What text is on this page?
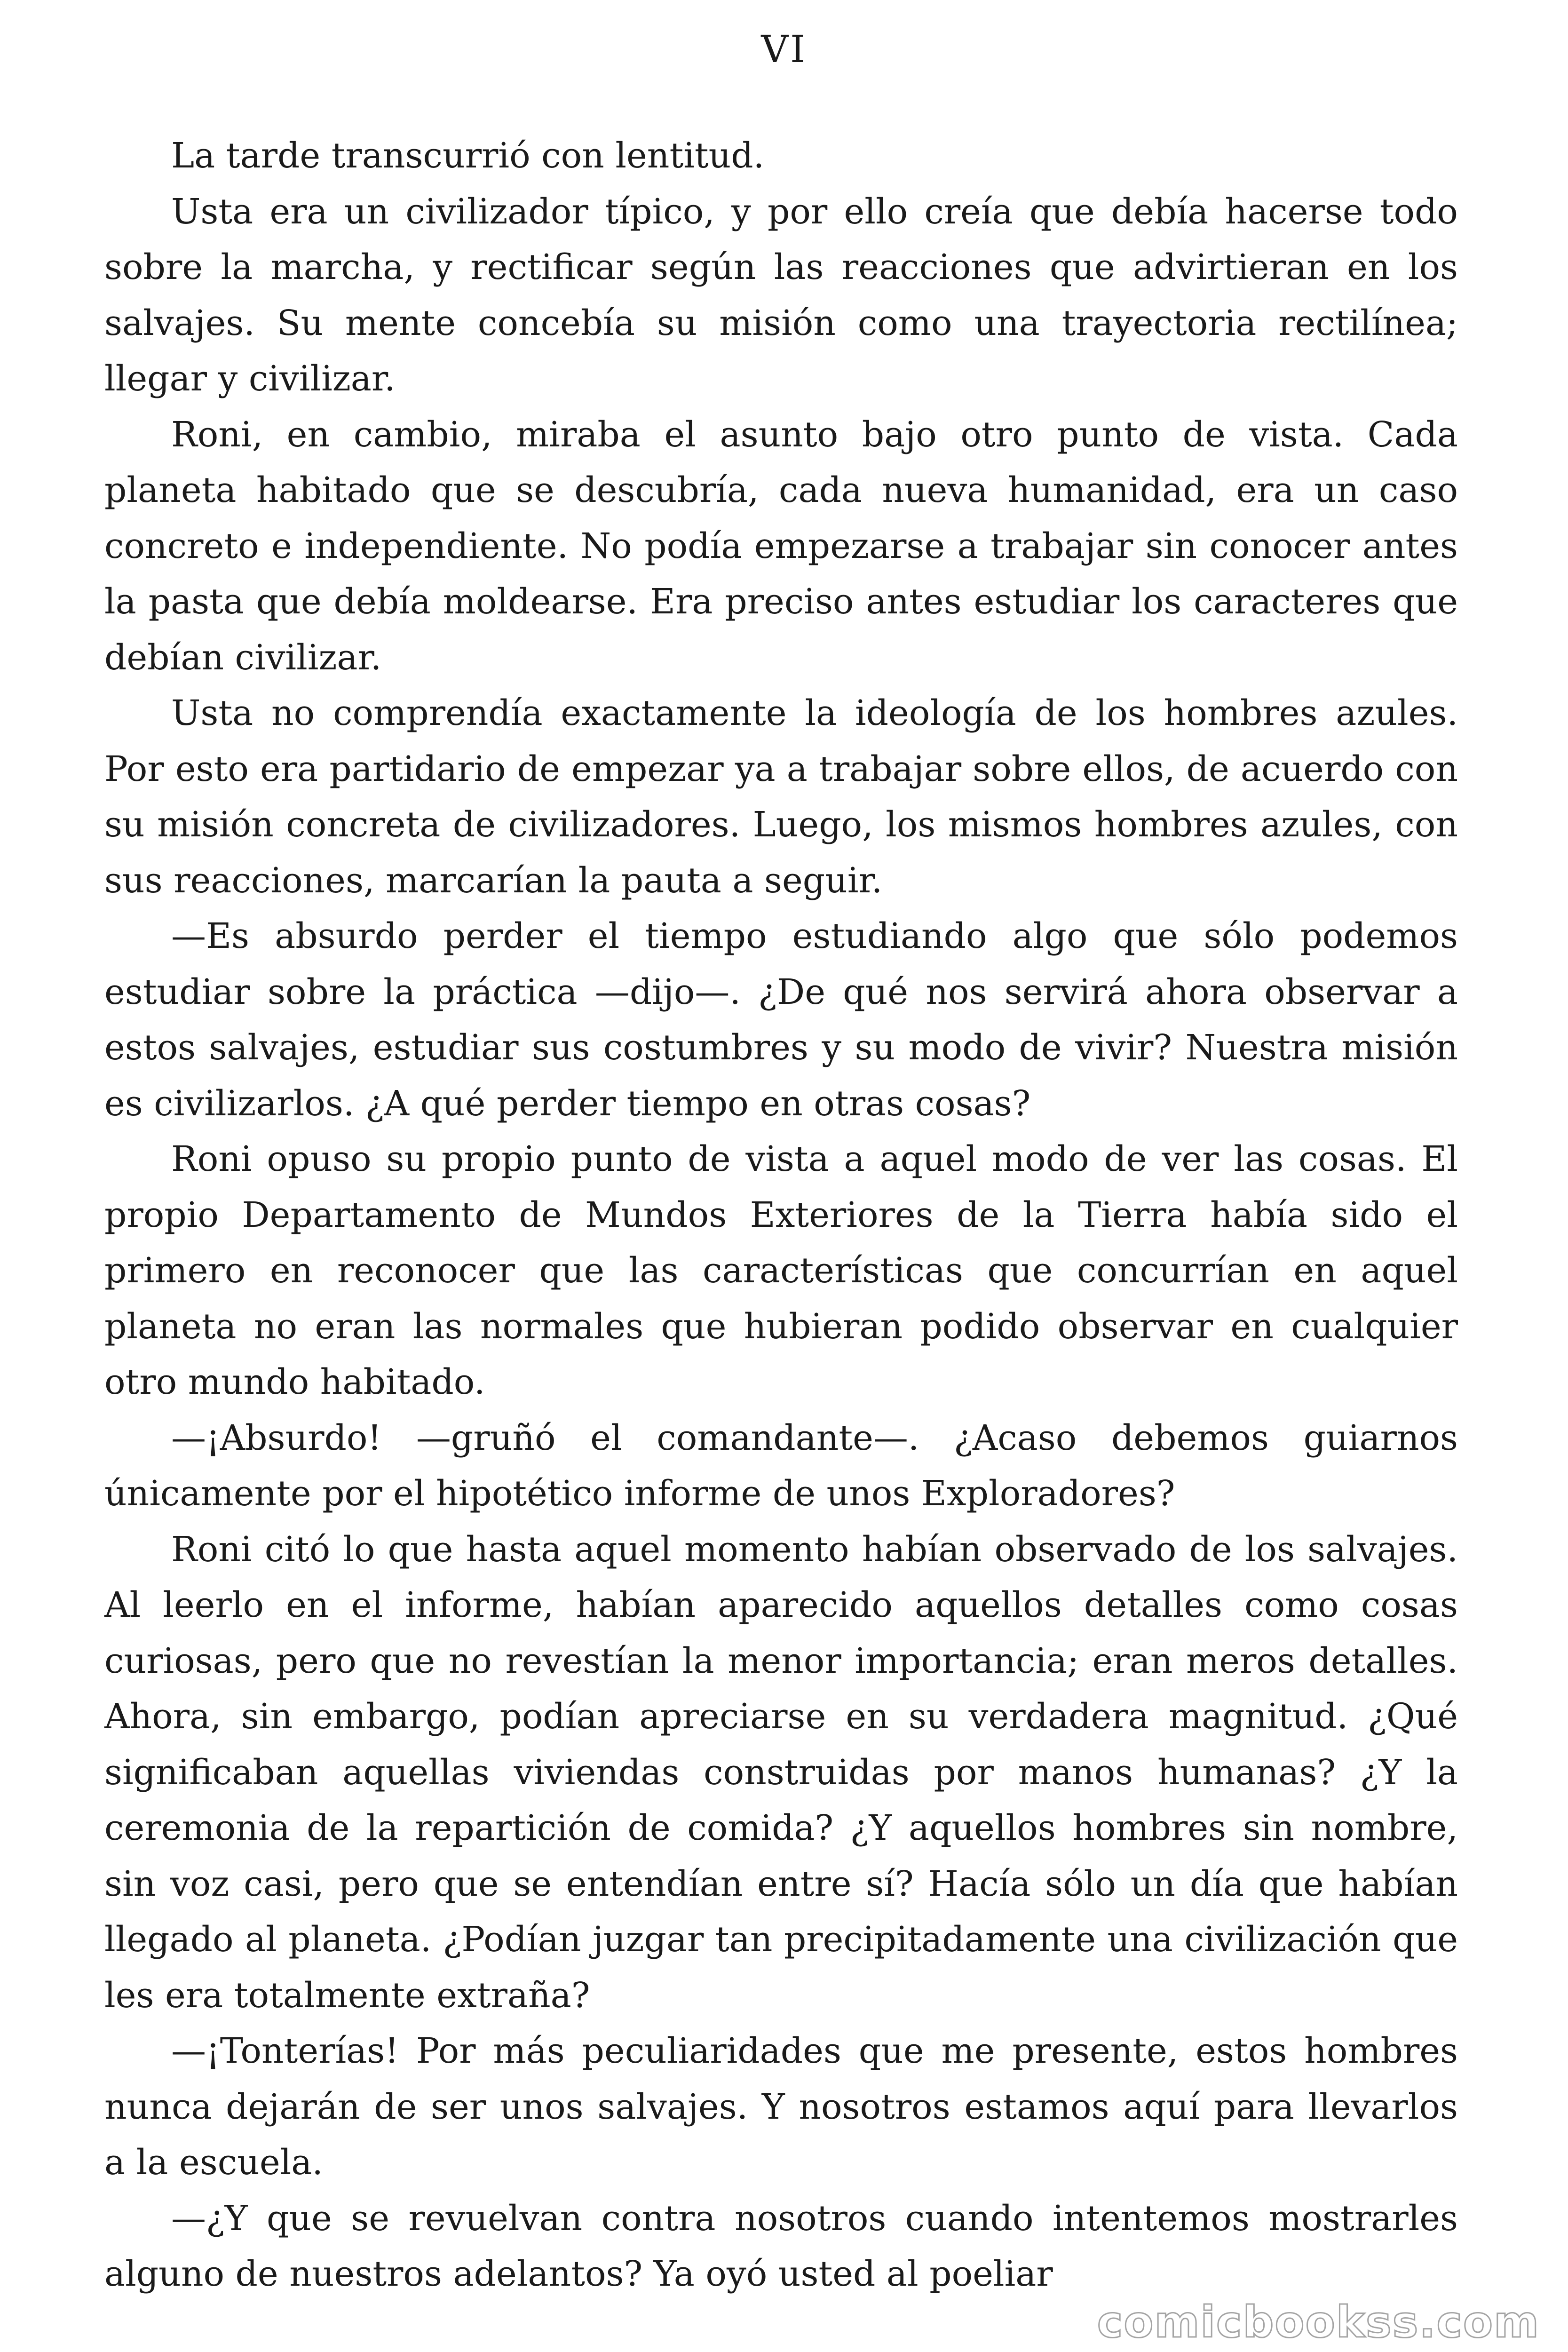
VI

La tarde transcurrió con lentitud.

Usta era un civilizador típico, y por ello creía que debía hacerse todo sobre la marcha, y rectificar según las reacciones que advirtieran en los salvajes. Su mente concebía su misión como una trayectoria rectilínea; llegar y civilizar.

Roni, en cambio, miraba el asunto bajo otro punto de vista. Cada planeta habitado que se descubría, cada nueva humanidad, era un caso concreto e independiente. No podía empezarse a trabajar sin conocer antes la pasta que debía moldearse. Era preciso antes estudiar los caracteres que debían civilizar.

Usta no comprendía exactamente la ideología de los hombres azules. Por esto era partidario de empezar ya a trabajar sobre ellos, de acuerdo con su misión concreta de civilizadores. Luego, los mismos hombres azules, con sus reacciones, marcarían la pauta a seguir.

—Es absurdo perder el tiempo estudiando algo que sólo podemos estudiar sobre la práctica —dijo—. ¿De qué nos servirá ahora observar a estos salvajes, estudiar sus costumbres y su modo de vivir? Nuestra misión es civilizarlos. ¿A qué perder tiempo en otras cosas?

Roni opuso su propio punto de vista a aquel modo de ver las cosas. El propio Departamento de Mundos Exteriores de la Tierra había sido el primero en reconocer que las características que concurrían en aquel planeta no eran las normales que hubieran podido observar en cualquier otro mundo habitado.

—¡Absurdo! —gruñó el comandante—. ¿Acaso debemos guiarnos únicamente por el hipotético informe de unos Exploradores?

Roni citó lo que hasta aquel momento habían observado de los salvajes. Al leerlo en el informe, habían aparecido aquellos detalles como cosas curiosas, pero que no revestían la menor importancia; eran meros detalles. Ahora, sin embargo, podían apreciarse en su verdadera magnitud. ¿Qué significaban aquellas viviendas construidas por manos humanas? ¿Y la ceremonia de la repartición de comida? ¿Y aquellos hombres sin nombre, sin voz casi, pero que se entendían entre sí? Hacía sólo un día que habían llegado al planeta. ¿Podían juzgar tan precipitadamente una civilización que les era totalmente extraña?

—¡Tonterías! Por más peculiaridades que me presente, estos hombres nunca dejarán de ser unos salvajes. Y nosotros estamos aquí para llevarlos a la escuela.

—¿Y que se revuelvan contra nosotros cuando intentemos mostrarles alguno de nuestros adelantos? Ya oyó usted al poeliar

comicbookss.com
